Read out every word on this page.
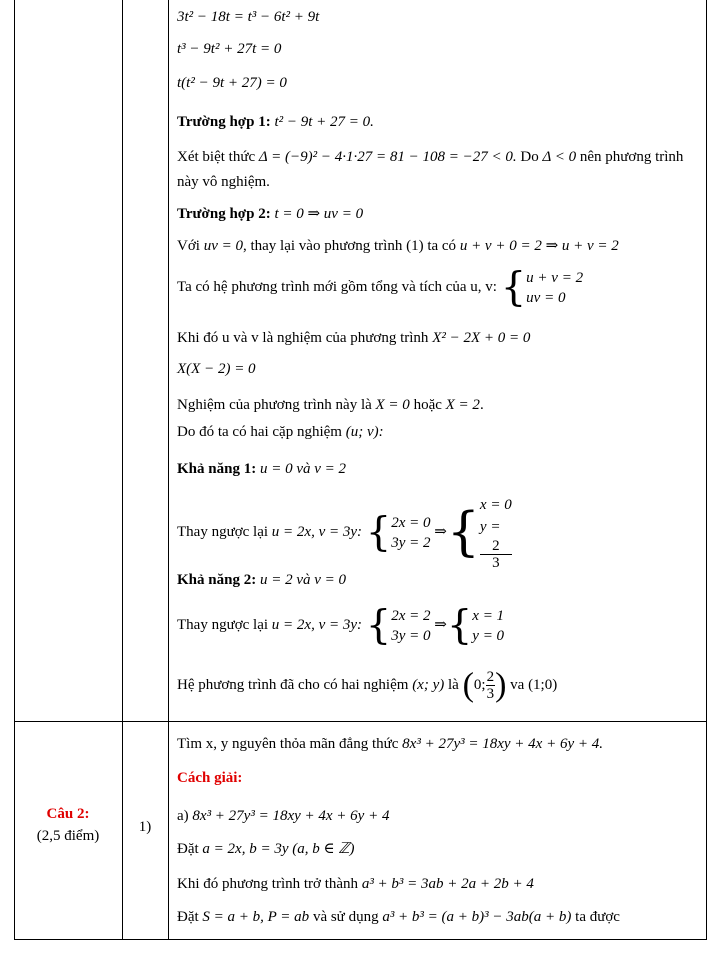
3t² − 18t = t³ − 6t² + 9t
t³ − 9t² + 27t = 0
t(t² − 9t + 27) = 0
Trường hợp 1: t² − 9t + 27 = 0.
Xét biệt thức Δ = (−9)² − 4·1·27 = 81 − 108 = −27 < 0. Do Δ < 0 nên phương trình
này vô nghiệm.
Trường hợp 2: t = 0 ⇒ uv = 0
Với uv = 0, thay lại vào phương trình (1) ta có u + v + 0 = 2 ⇒ u + v = 2
Ta có hệ phương trình mới gồm tổng và tích của u, v: { u + v = 2
uv = 0
Khi đó u và v là nghiệm của phương trình X² − 2X + 0 = 0
X(X − 2) = 0
Nghiệm của phương trình này là X = 0 hoặc X = 2.
Do đó ta có hai cặp nghiệm (u; v):
Khả năng 1: u = 0 và v = 2
Thay ngược lại u = 2x, v = 3y: { 2x = 0
3y = 2
⇒{ x = 0
y =
2
3
Khả năng 2: u = 2 và v = 0
Thay ngược lại u = 2x, v = 3y: { 2x = 2
3y = 0
⇒{ x = 1
y = 0
Hệ phương trình đã cho có hai nghiệm (x; y) là (0; $\frac{2}{3}$ ) va (1;0)
Câu 2:
(2,5 điểm)
1)
Tìm x, y nguyên thỏa mãn đẳng thức 8x³ + 27y³ = 18xy + 4x + 6y + 4.
Cách giải:
a) 8x³ + 27y³ = 18xy + 4x + 6y + 4
Đặt a = 2x, b = 3y (a, b ∈ ℤ)
Khi đó phương trình trở thành a³ + b³ = 3ab + 2a + 2b + 4
Đặt S = a + b, P = ab và sử dụng a³ + b³ = (a + b)³ − 3ab(a + b) ta được
